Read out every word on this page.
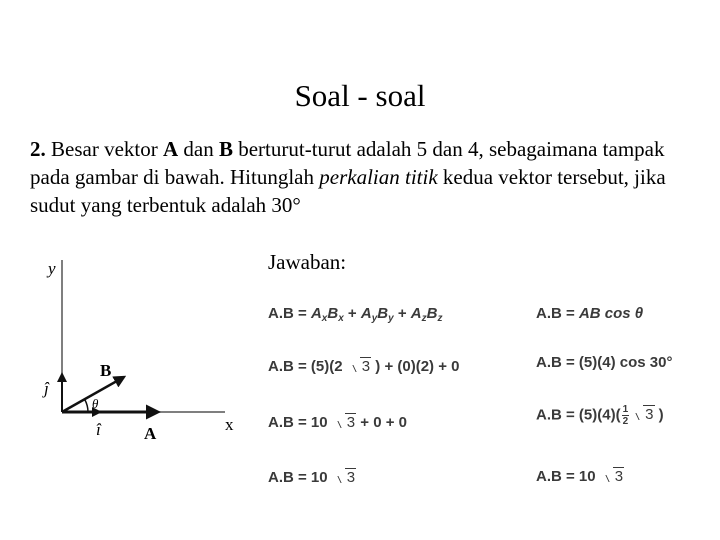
Soal - soal
2. Besar vektor A dan B berturut-turut adalah 5 dan 4, sebagaimana tampak pada gambar di bawah. Hitunglah perkalian titik kedua vektor tersebut, jika sudut yang terbentuk adalah 30°
Jawaban:
y
x
A
B
ĵ
î
θ
$A.B = A_xB_x + A_yB_y + A_zB_z$
A.B = (5)(2 3 ) + (0)(2) + 0
A.B = 10 3 + 0 + 0
A.B = 10 3
A.B = AB cos θ
A.B = (5)(4) cos 30°
$A.B = (5)(4)( \frac{1}{2} 3$ )
A.B = 10 3
